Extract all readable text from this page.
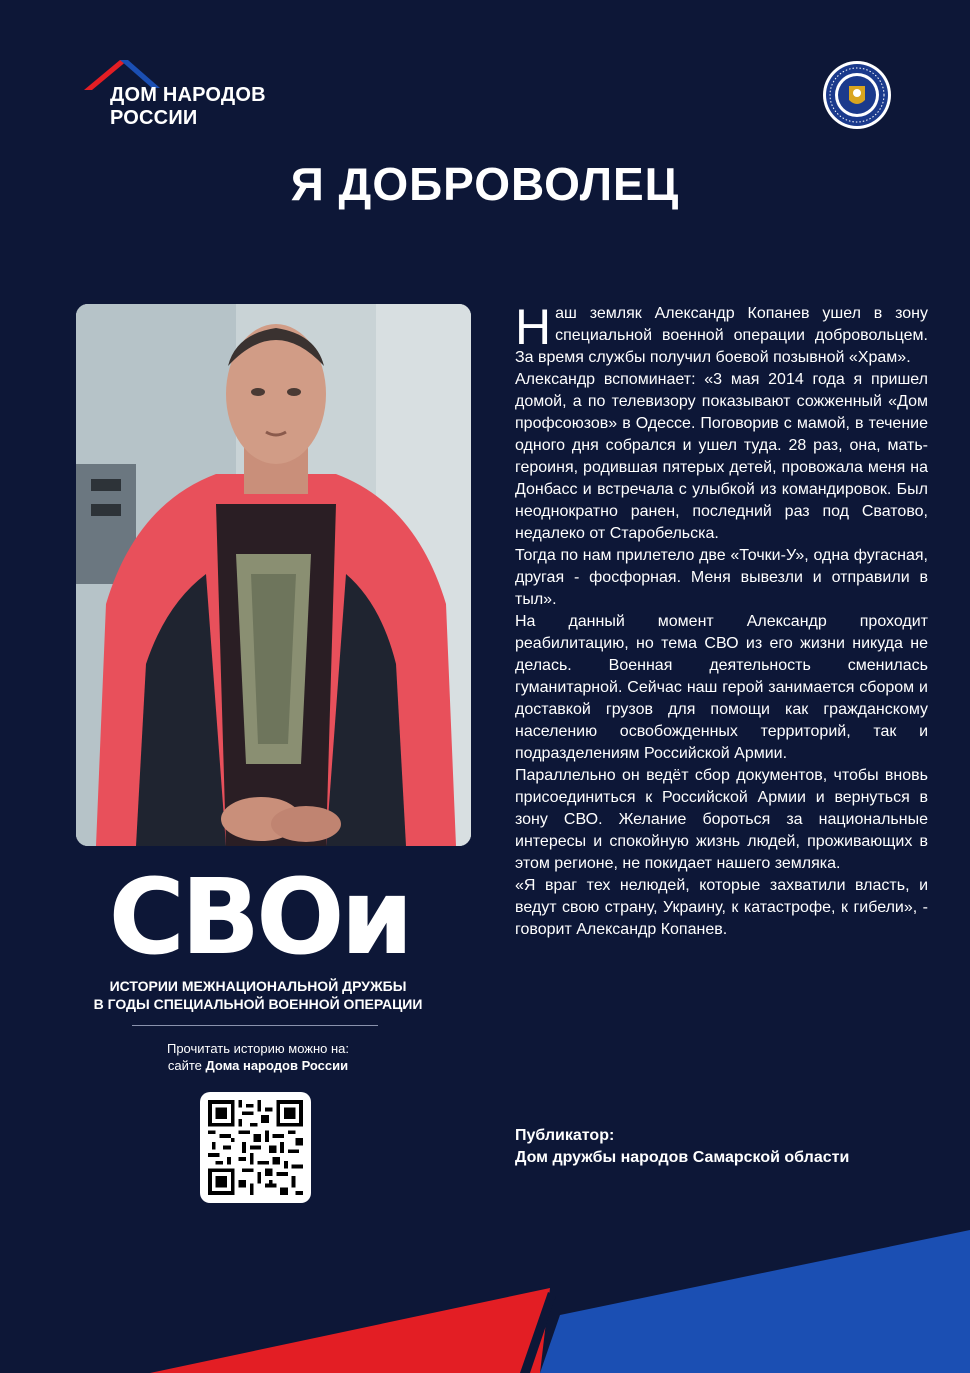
ДОМ НАРОДОВ
РОССИИ
Я ДОБРОВОЛЕЦ
СВОи
ИСТОРИИ МЕЖНАЦИОНАЛЬНОЙ ДРУЖБЫ
В ГОДЫ СПЕЦИАЛЬНОЙ ВОЕННОЙ ОПЕРАЦИИ
Прочитать историю можно на:
сайте Дома народов России

Наш земляк Александр Копанев ушел в зону специальной военной операции добровольцем. За время службы получил боевой позывной «Храм».

Александр вспоминает: «3 мая 2014 года я пришел домой, а по телевизору показывают сожженный «Дом профсоюзов» в Одессе. Поговорив с мамой, в течение одного дня собрался и ушел туда. 28 раз, она, мать-героиня, родившая пятерых детей, провожала меня на Донбасс и встречала с улыбкой из командировок. Был неоднократно ранен, последний раз под Сватово, недалеко от Старобельска.

Тогда по нам прилетело две «Точки-У», одна фугасная, другая - фосфорная. Меня вывезли и отправили в тыл».

На данный момент Александр проходит реабилитацию, но тема СВО из его жизни никуда не делась. Военная деятельность сменилась гуманитарной. Сейчас наш герой занимается сбором и доставкой грузов для помощи как гражданскому населению освобожденных территорий, так и подразделениям Российской Армии.

Параллельно он ведёт сбор документов, чтобы вновь присоединиться к Российской Армии и вернуться в зону СВО. Желание бороться за национальные интересы и спокойную жизнь людей, проживающих в этом регионе, не покидает нашего земляка.

«Я враг тех нелюдей, которые захватили власть, и ведут свою страну, Украину, к катастрофе, к гибели», - говорит Александр Копанев.

Публикатор:
Дом дружбы народов Самарской области
